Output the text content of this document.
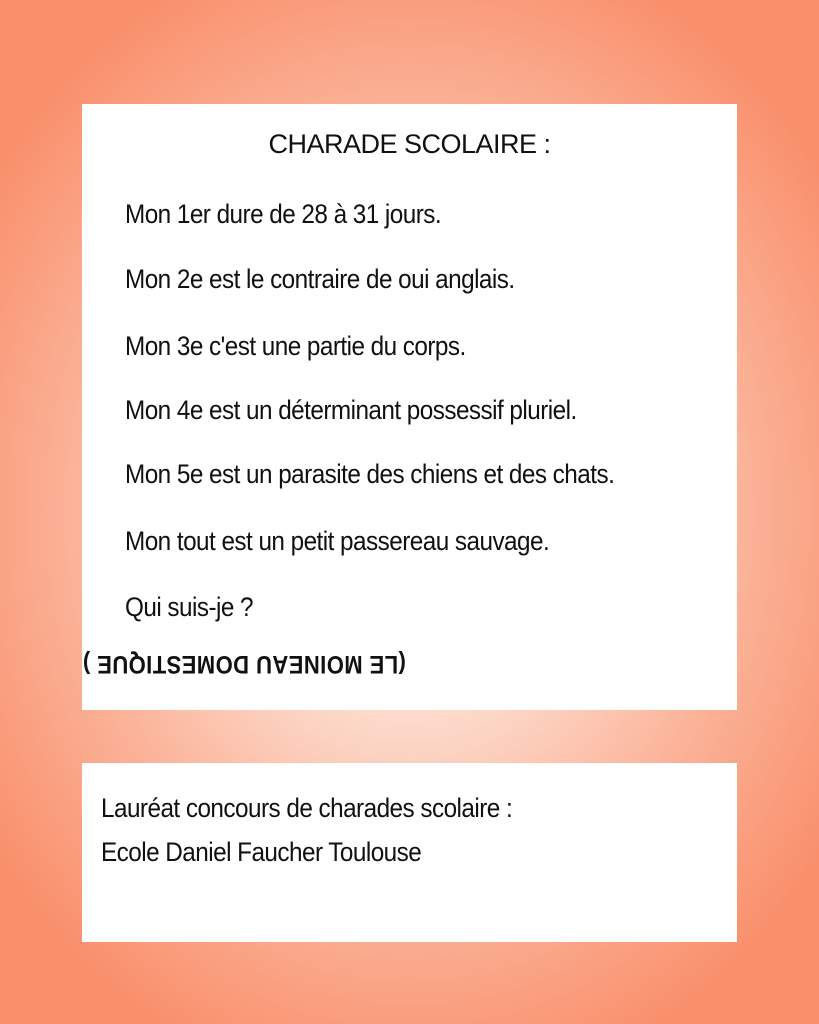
CHARADE SCOLAIRE :
Mon 1er dure de 28 à 31 jours.
Mon 2e est le contraire de oui anglais.
Mon 3e c'est une partie du corps.
Mon 4e est un déterminant possessif pluriel.
Mon 5e est un parasite des chiens et des chats.
Mon tout est un petit passereau sauvage.
Qui suis-je ?
(LE MOINEAU DOMESTIQUE )
Lauréat concours de charades scolaire :
Ecole Daniel Faucher Toulouse
